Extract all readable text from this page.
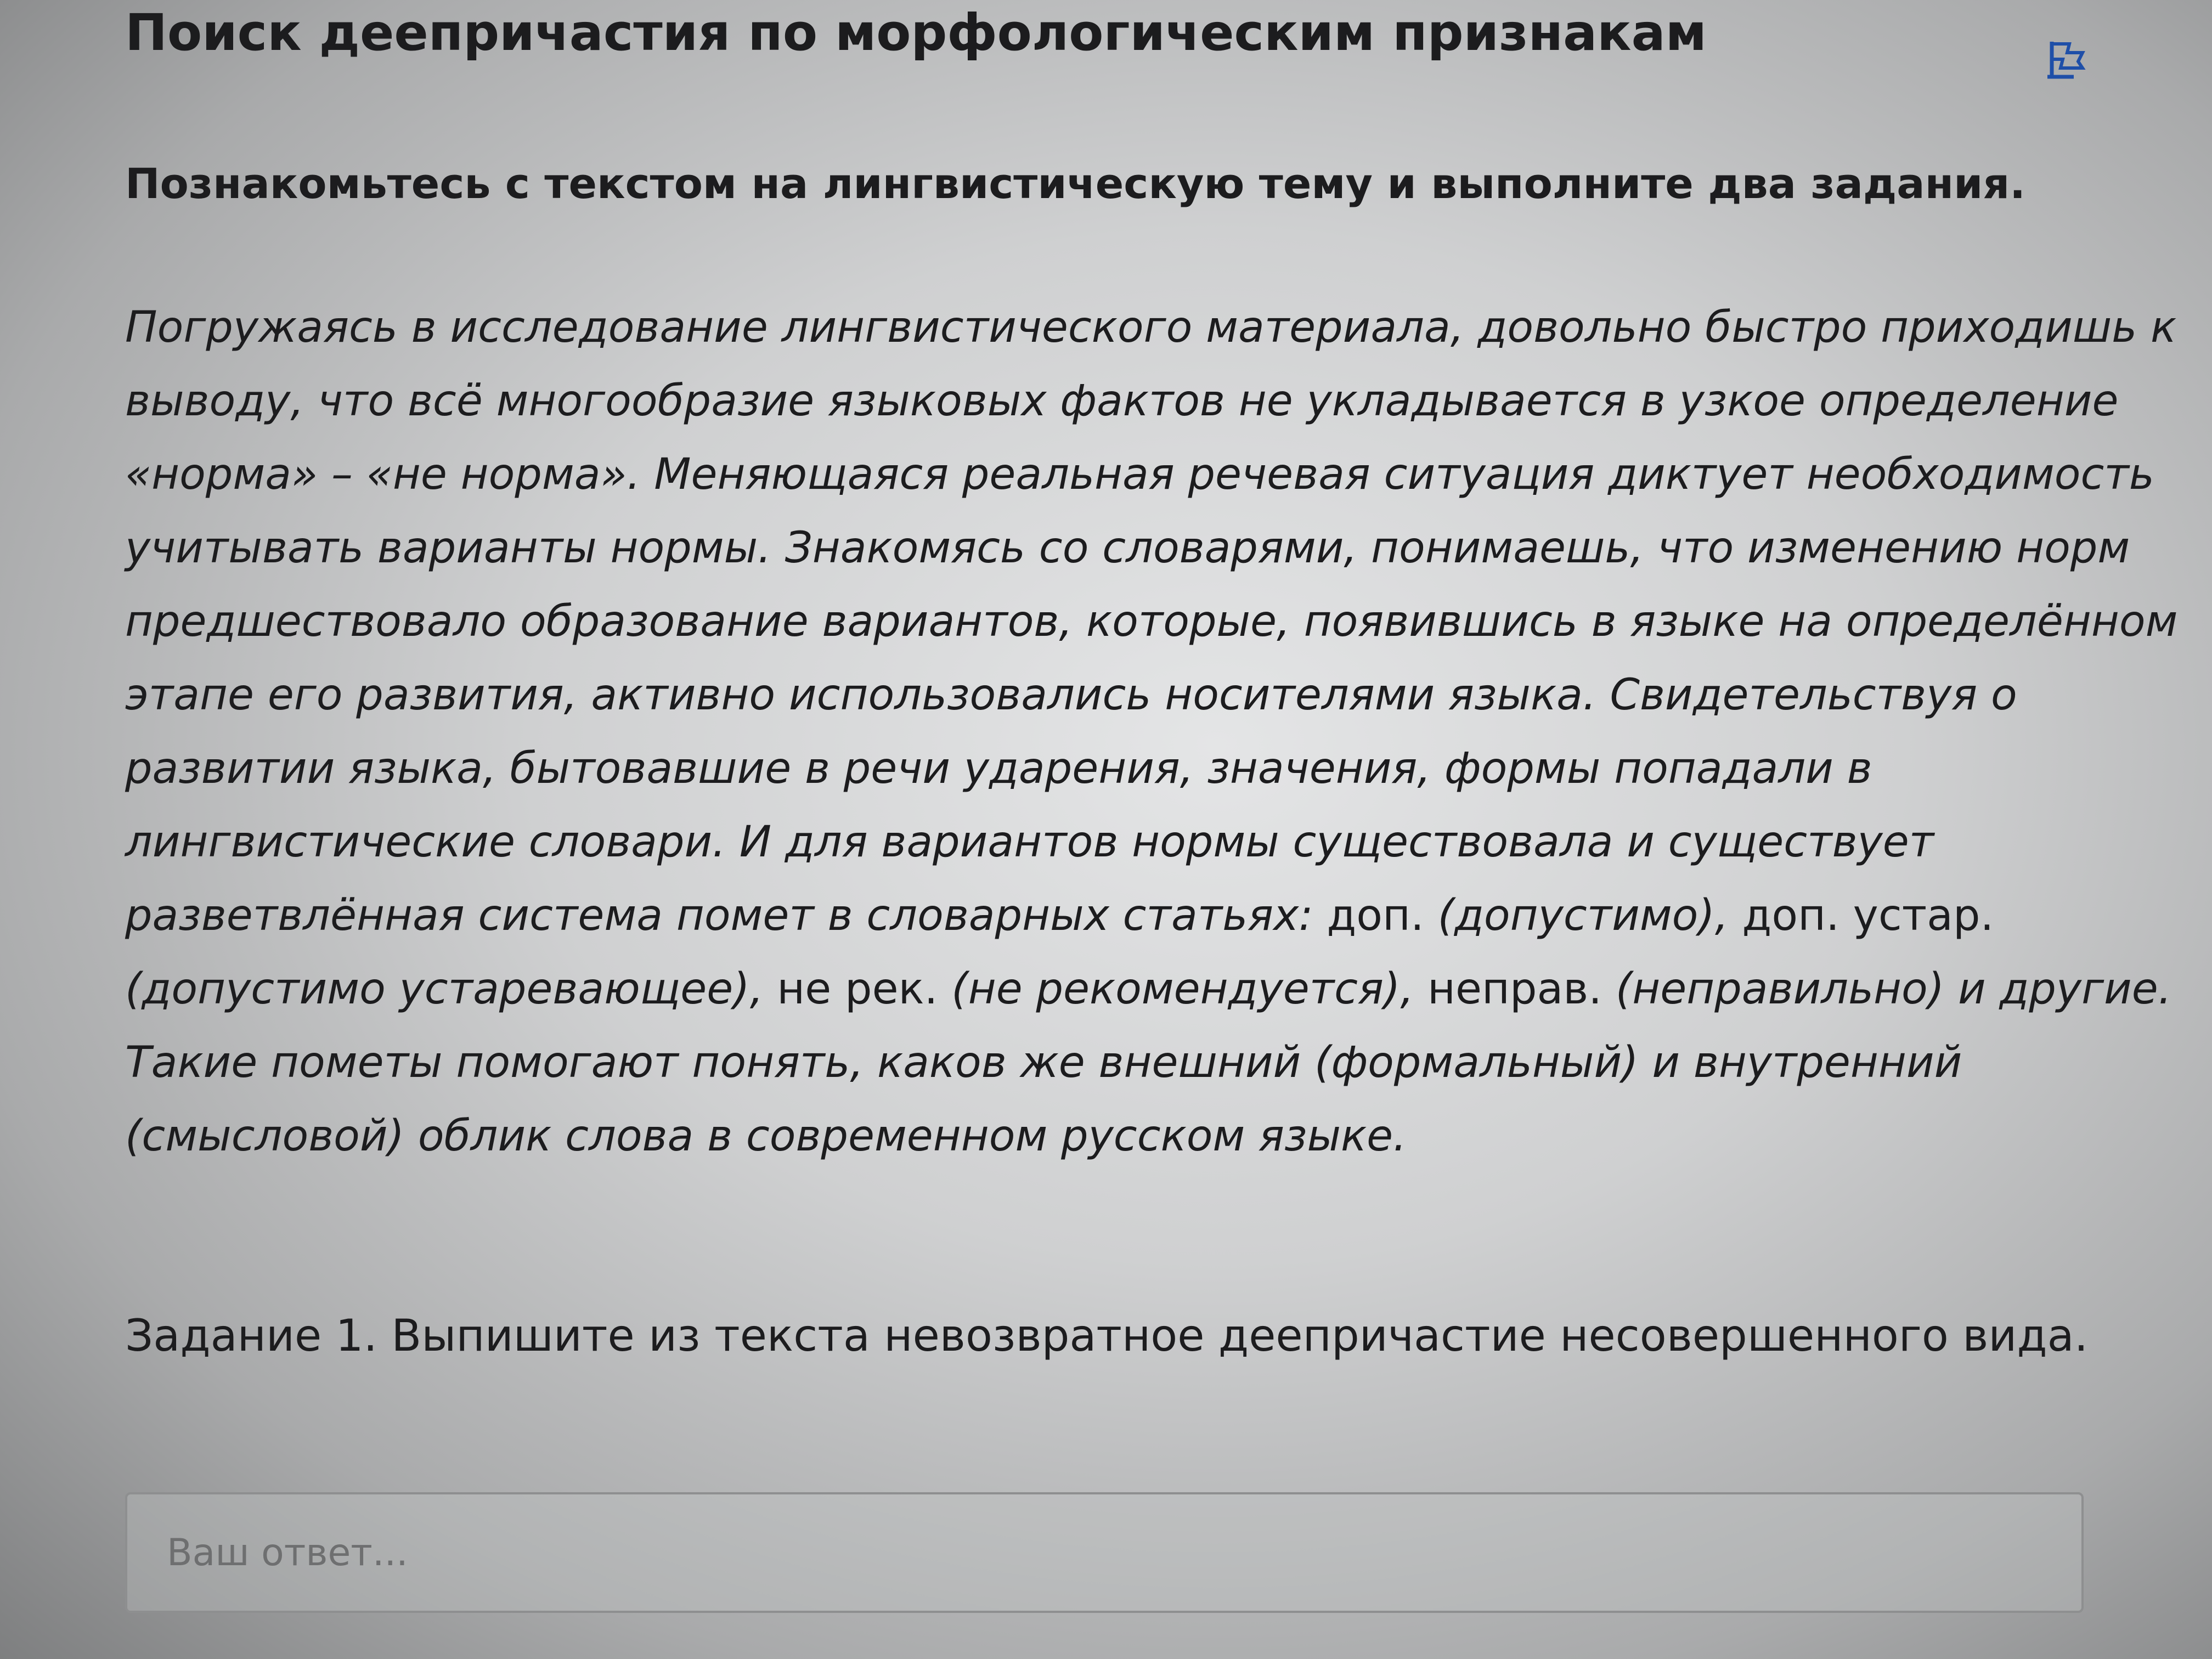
Поиск деепричастия по морфологическим признакам
Познакомьтесь с текстом на лингвистическую тему и выполните два задания.
Погружаясь в исследование лингвистического материала, довольно быстро приходишь к
выводу, что всё многообразие языковых фактов не укладывается в узкое определение
«норма» – «не норма». Меняющаяся реальная речевая ситуация диктует необходимость
учитывать варианты нормы. Знакомясь со словарями, понимаешь, что изменению норм
предшествовало образование вариантов, которые, появившись в языке на определённом
этапе его развития, активно использовались носителями языка. Свидетельствуя о
развитии языка, бытовавшие в речи ударения, значения, формы попадали в
лингвистические словари. И для вариантов нормы существовала и существует
разветвлённая система помет в словарных статьях: доп. (допустимо), доп. устар.
(допустимо устаревающее), не рек. (не рекомендуется), неправ. (неправильно) и другие.
Такие пометы помогают понять, каков же внешний (формальный) и внутренний
(смысловой) облик слова в современном русском языке.
Задание 1. Выпишите из текста невозвратное деепричастие несовершенного вида.
Ваш ответ...
